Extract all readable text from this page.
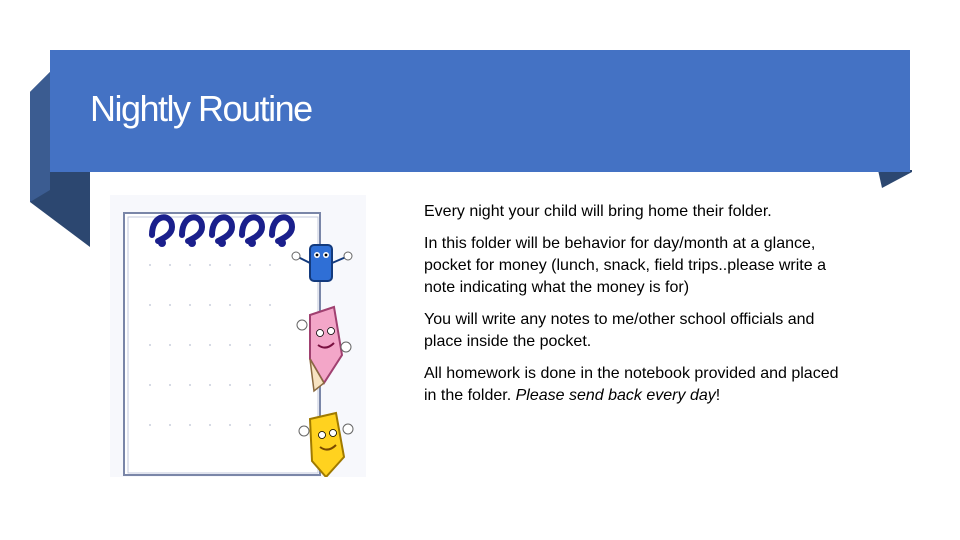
Nightly Routine

Every night your child will bring home their folder.

In this folder will be behavior for day/month at a glance, pocket for money (lunch, snack, field trips..please write a note indicating what the money is for)

You will write any notes to me/other school officials and place inside the pocket.

All homework is done in the notebook provided and placed in the folder. Please send back every day!
